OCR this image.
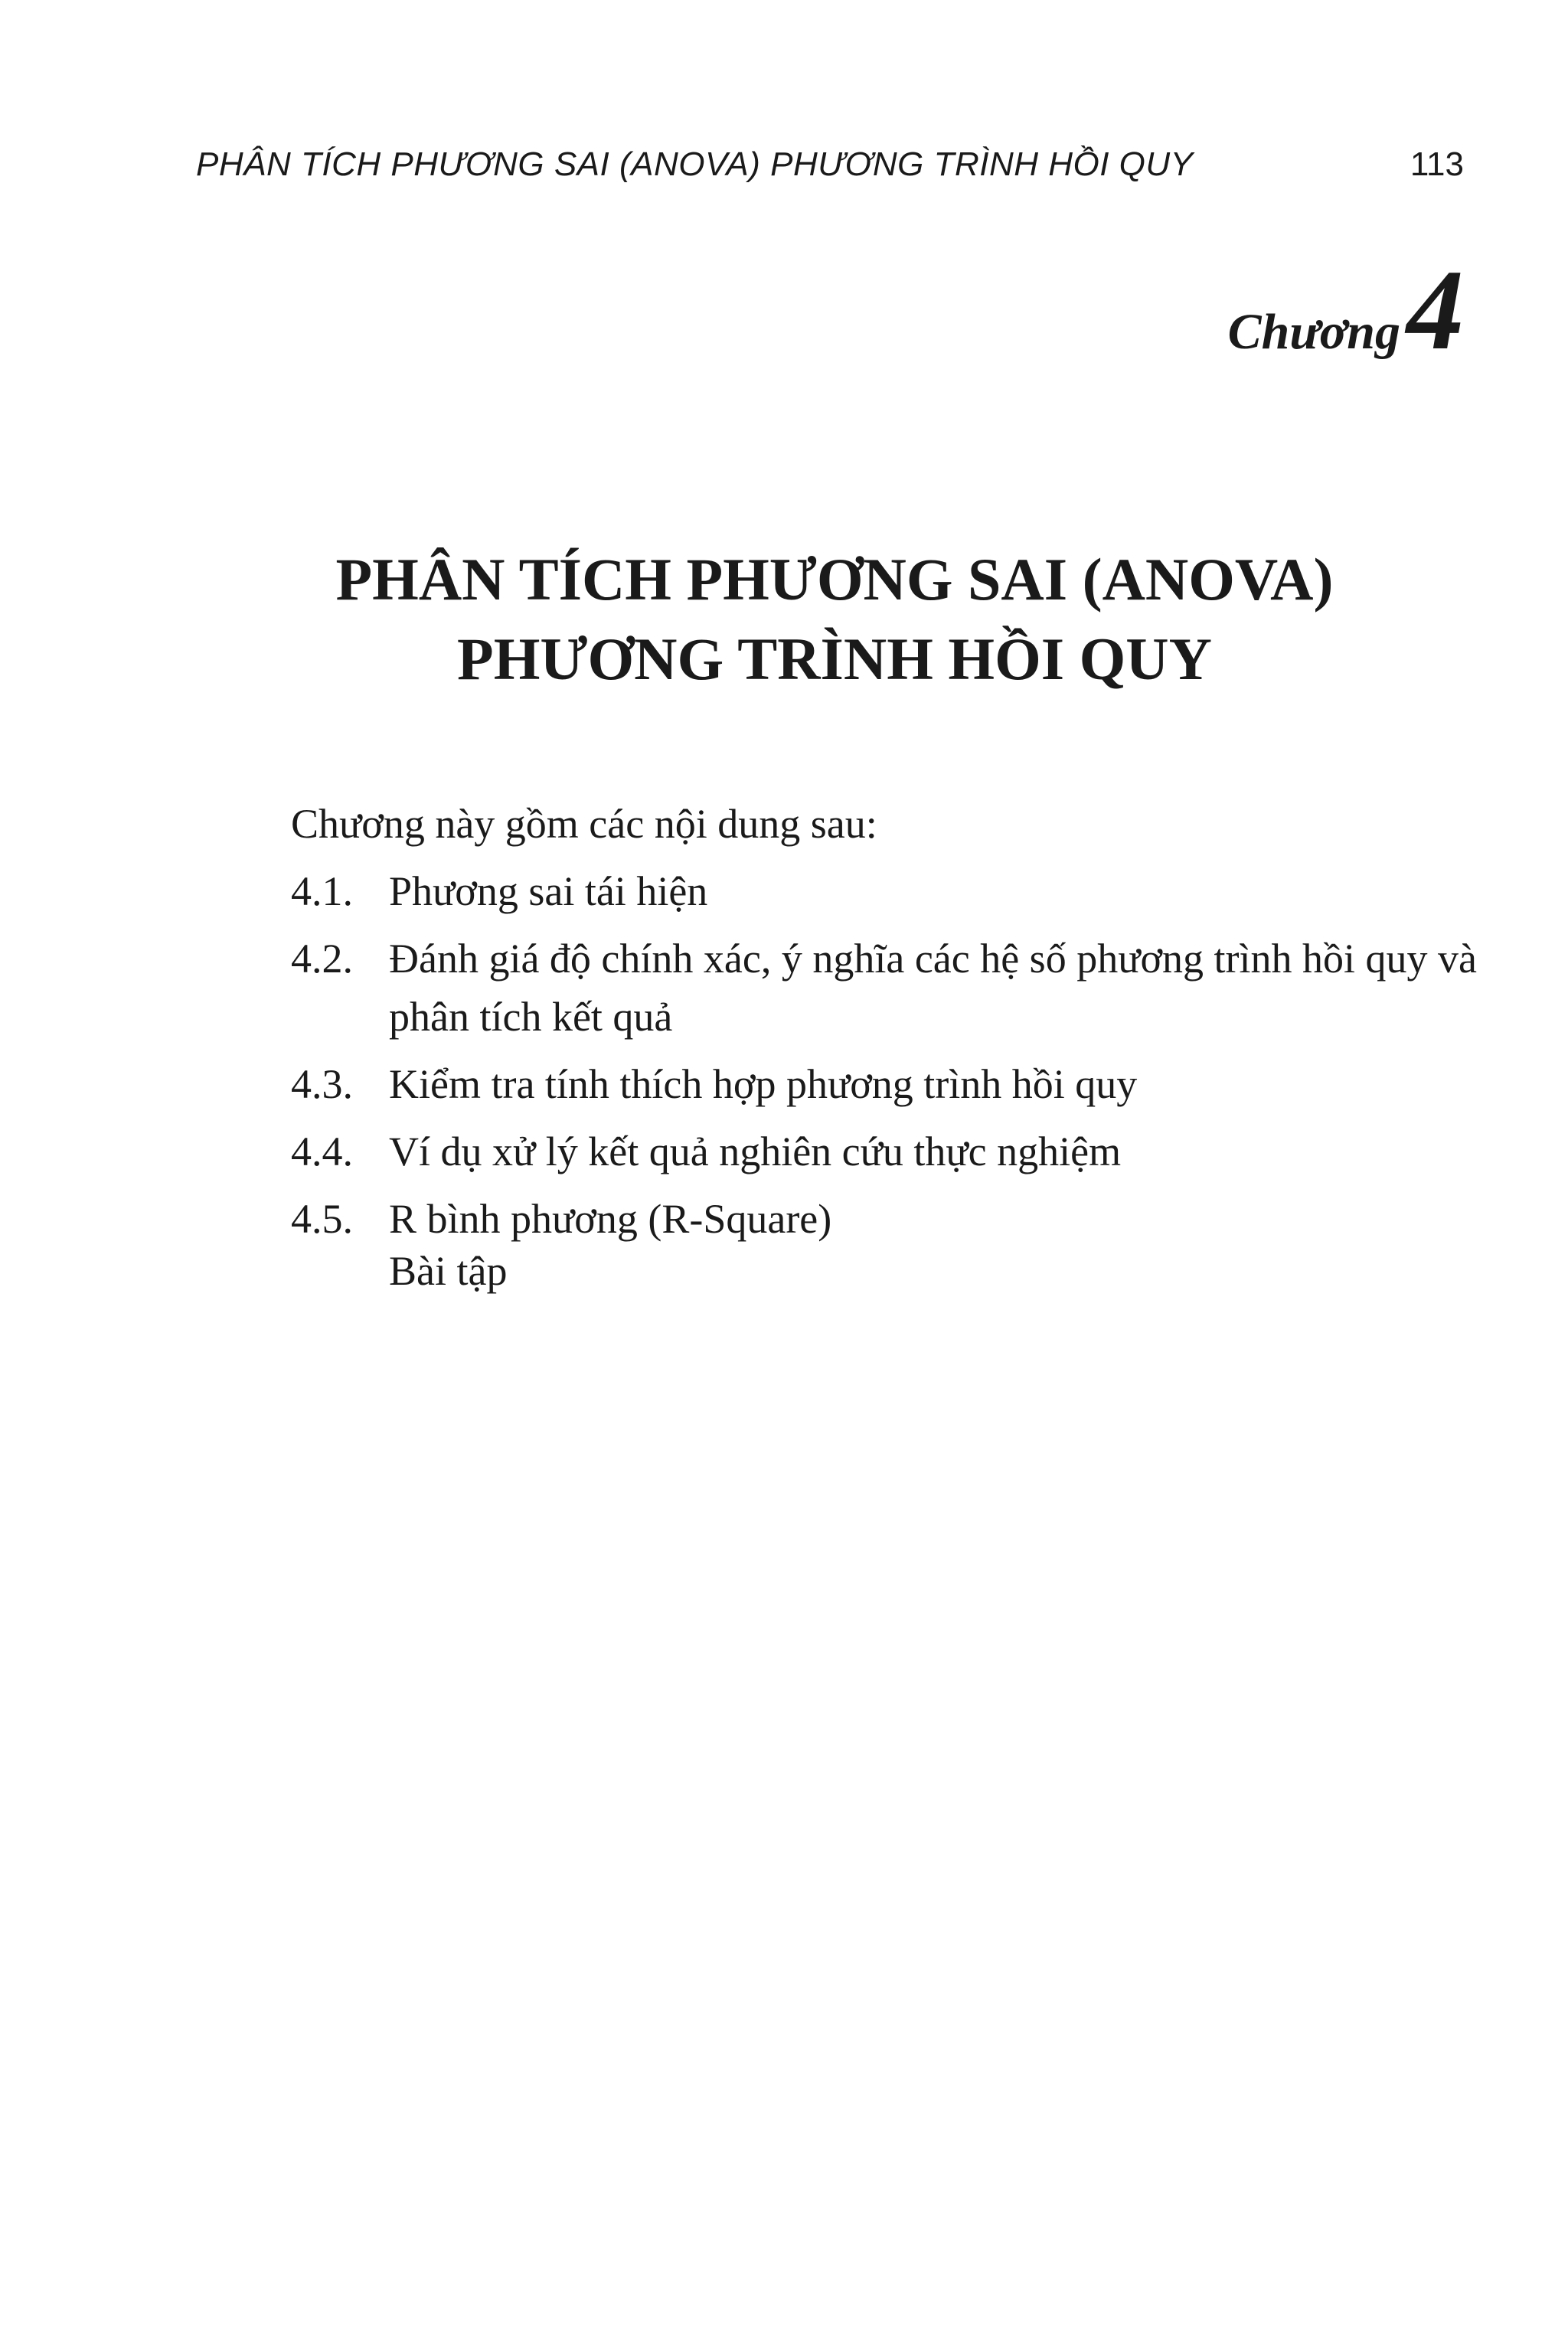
PHÂN TÍCH PHƯƠNG SAI (ANOVA) PHƯƠNG TRÌNH HỒI QUY	113
Chương 4
PHÂN TÍCH PHƯƠNG SAI (ANOVA)
PHƯƠNG TRÌNH HỒI QUY

Chương này gồm các nội dung sau:

4.1. Phương sai tái hiện
4.2. Đánh giá độ chính xác, ý nghĩa các hệ số phương trình hồi quy và phân tích kết quả
4.3. Kiểm tra tính thích hợp phương trình hồi quy
4.4. Ví dụ xử lý kết quả nghiên cứu thực nghiệm
4.5. R bình phương (R-Square)
Bài tập
